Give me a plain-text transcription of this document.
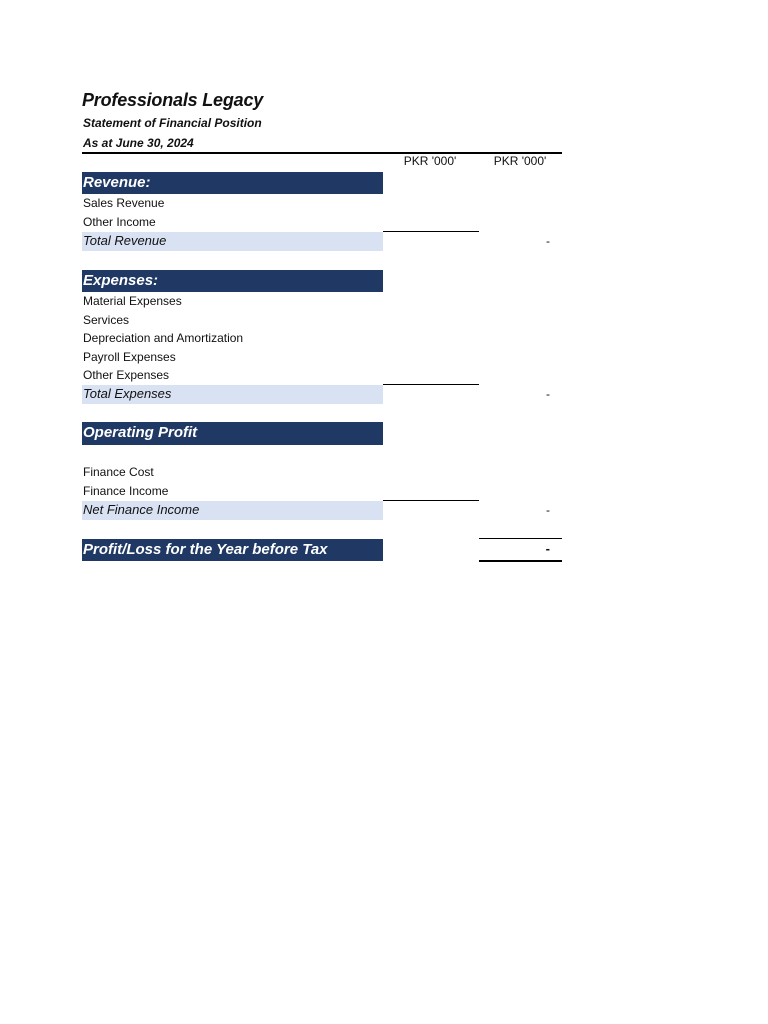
Professionals Legacy
Statement of Financial Position
As at June 30, 2024
PKR '000'	PKR '000'
Revenue:
Sales Revenue
Other Income
Total Revenue	-
Expenses:
Material Expenses
Services
Depreciation and Amortization
Payroll Expenses
Other Expenses
Total Expenses	-
Operating Profit
Finance Cost
Finance Income
Net Finance Income	-
Profit/Loss for the Year before Tax	-
